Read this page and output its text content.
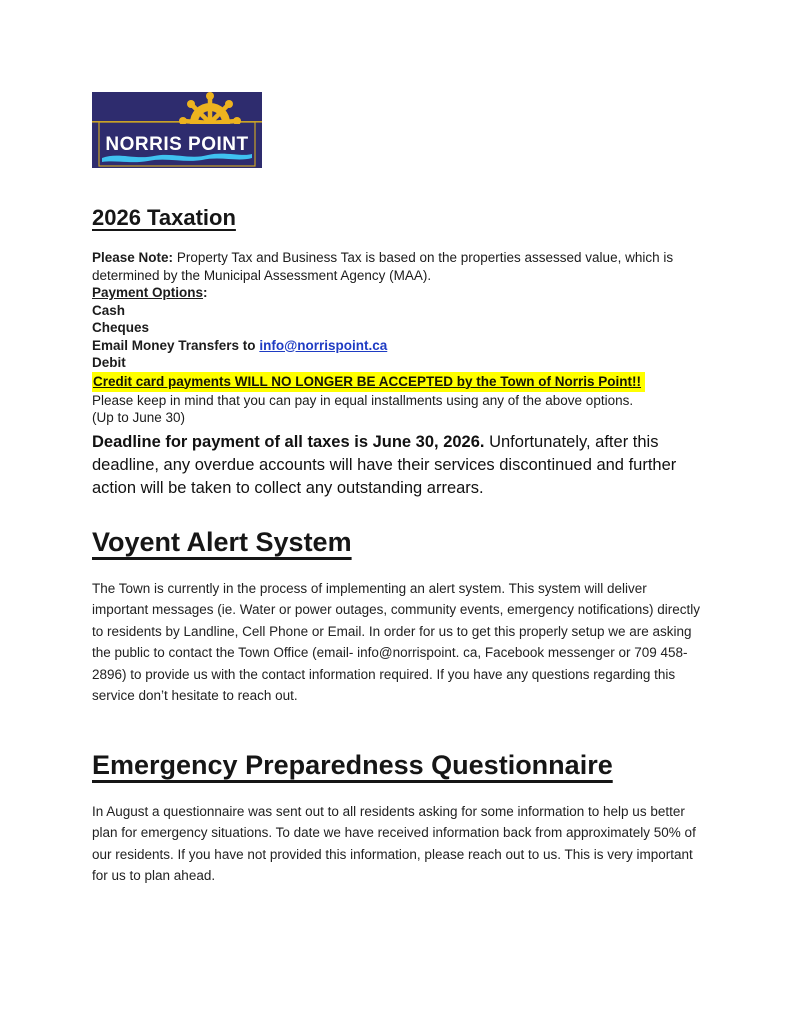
NORRIS POINT
2026 Taxation
Please Note: Property Tax and Business Tax is based on the properties assessed value, which is determined by the Municipal Assessment Agency (MAA).
Payment Options:
Cash
Cheques
Email Money Transfers to info@norrispoint.ca
Debit
Credit card payments WILL NO LONGER BE ACCEPTED by the Town of Norris Point!!
Please keep in mind that you can pay in equal installments using any of the above options.
(Up to June 30)
Deadline for payment of all taxes is June 30, 2026. Unfortunately, after this deadline, any overdue accounts will have their services discontinued and further action will be taken to collect any outstanding arrears.
Voyent Alert System
The Town is currently in the process of implementing an alert system. This system will deliver important messages (ie. Water or power outages, community events, emergency notifications) directly to residents by Landline, Cell Phone or Email. In order for us to get this properly setup we are asking the public to contact the Town Office (email- info@norrispoint. ca, Facebook messenger or 709 458-2896) to provide us with the contact information required. If you have any questions regarding this service don’t hesitate to reach out.
Emergency Preparedness Questionnaire
In August a questionnaire was sent out to all residents asking for some information to help us better plan for emergency situations. To date we have received information back from approximately 50% of our residents. If you have not provided this information, please reach out to us. This is very important for us to plan ahead.
